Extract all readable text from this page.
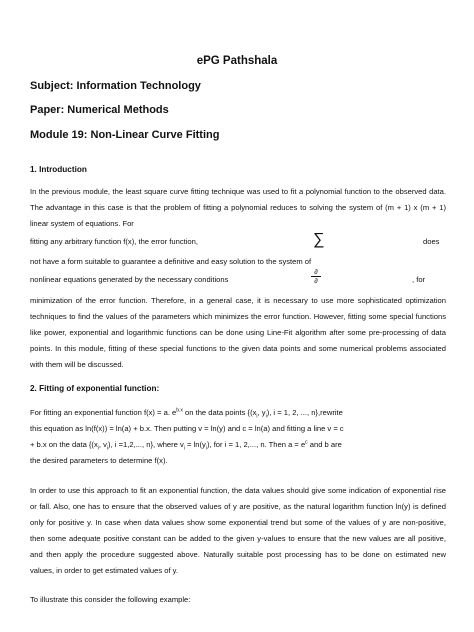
ePG Pathshala
Subject: Information Technology
Paper: Numerical Methods
Module 19: Non-Linear Curve Fitting
1. Introduction
In the previous module, the least square curve fitting technique was used to fit a polynomial function to the observed data. The advantage in this case is that the problem of fitting a polynomial reduces to solving the system of (m + 1) x (m + 1) linear system of equations. For
fitting any arbitrary function f(x), the error function,	∑	does
not have a form suitable to guarantee a definitive and easy solution to the system of
nonlinear equations generated by the necessary conditions
∂
∂	, for
minimization of the error function. Therefore, in a general case, it is necessary to use more sophisticated optimization techniques to find the values of the parameters which minimizes the error function. However, fitting some special functions like power, exponential and logarithmic functions can be done using Line-Fit algorithm after some pre-processing of data points. In this module, fitting of these special functions to the given data points and some numerical problems associated with them will be discussed.
2. Fitting of exponential function:
For fitting an exponential function f(x) = a. $e^{b.x}$ on the data points {($x_i$, $y_i$), i = 1, 2, ..., n},rewrite
this equation as ln(f(x)) = ln(a) + b.x. Then putting v = ln(y) and c = ln(a) and fitting a line v = c
+ b.x on the data {($x_i$, $v_i$), i =1,2,..., n}, where $v_i = \ln(y_i)$, for i = 1, 2,..., n. Then $a = e^c$ and b are
the desired parameters to determine f(x).
In order to use this approach to fit an exponential function, the data values should give some indication of exponential rise or fall. Also, one has to ensure that the observed values of y are positive, as the natural logarithm function ln(y) is defined only for positive y. In case when data values show some exponential trend but some of the values of y are non-positive, then some adequate positive constant can be added to the given y-values to ensure that the new values are all positive, and then apply the procedure suggested above. Naturally suitable post processing has to be done on estimated new values, in order to get estimated values of y.
To illustrate this consider the following example:
